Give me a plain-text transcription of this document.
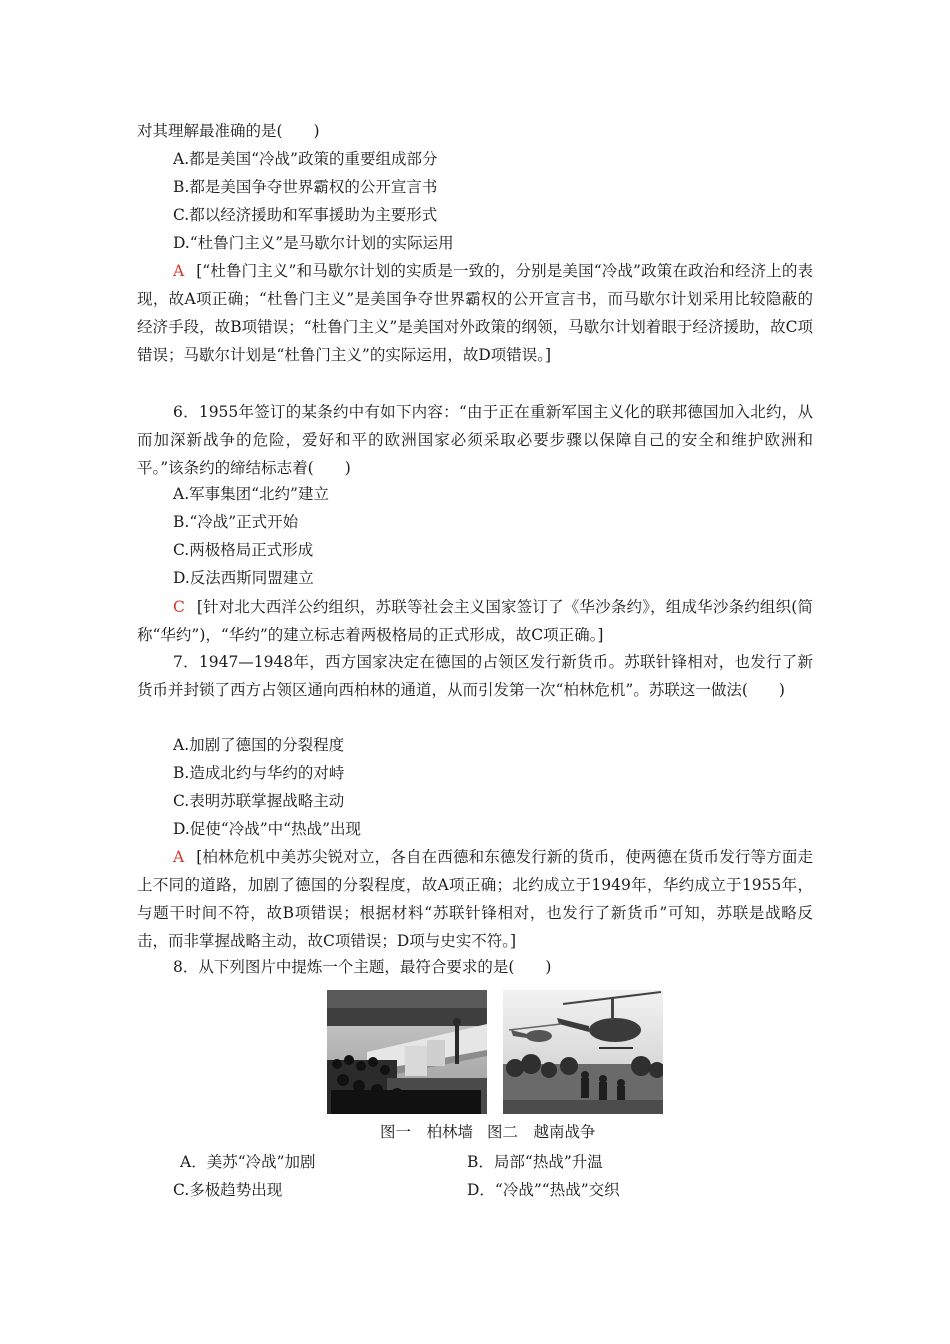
对其理解最准确的是(　　)
A.都是美国“冷战”政策的重要组成部分
B.都是美国争夺世界霸权的公开宣言书
C.都以经济援助和军事援助为主要形式
D.“杜鲁门主义”是马歇尔计划的实际运用
A [“杜鲁门主义”和马歇尔计划的实质是一致的，分别是美国“冷战”政策在政治和经济上的表现，故A项正确；“杜鲁门主义”是美国争夺世界霸权的公开宣言书，而马歇尔计划采用比较隐蔽的经济手段，故B项错误；“杜鲁门主义”是美国对外政策的纲领，马歇尔计划着眼于经济援助，故C项错误；马歇尔计划是“杜鲁门主义”的实际运用，故D项错误。]
6．1955年签订的某条约中有如下内容：“由于正在重新军国主义化的联邦德国加入北约，从而加深新战争的危险，爱好和平的欧洲国家必须采取必要步骤以保障自己的安全和维护欧洲和平。”该条约的缔结标志着(　　)
A.军事集团“北约”建立
B.“冷战”正式开始
C.两极格局正式形成
D.反法西斯同盟建立
C [针对北大西洋公约组织，苏联等社会主义国家签订了《华沙条约》，组成华沙条约组织(简称“华约”)，“华约”的建立标志着两极格局的正式形成，故C项正确。]
7．1947—1948年，西方国家决定在德国的占领区发行新货币。苏联针锋相对，也发行了新货币并封锁了西方占领区通向西柏林的通道，从而引发第一次“柏林危机”。苏联这一做法(　　)
A.加剧了德国的分裂程度
B.造成北约与华约的对峙
C.表明苏联掌握战略主动
D.促使“冷战”中“热战”出现
A [柏林危机中美苏尖锐对立，各自在西德和东德发行新的货币，使两德在货币发行等方面走上不同的道路，加剧了德国的分裂程度，故A项正确；北约成立于1949年，华约成立于1955年，与题干时间不符，故B项错误；根据材料“苏联针锋相对，也发行了新货币”可知，苏联是战略反击，而非掌握战略主动，故C项错误；D项与史实不符。]
8．从下列图片中提炼一个主题，最符合要求的是(　　)
图一　柏林墙 图二　越南战争
A．美苏“冷战”加剧	B．局部“热战”升温
C.多极趋势出现	D．“冷战”“热战”交织
